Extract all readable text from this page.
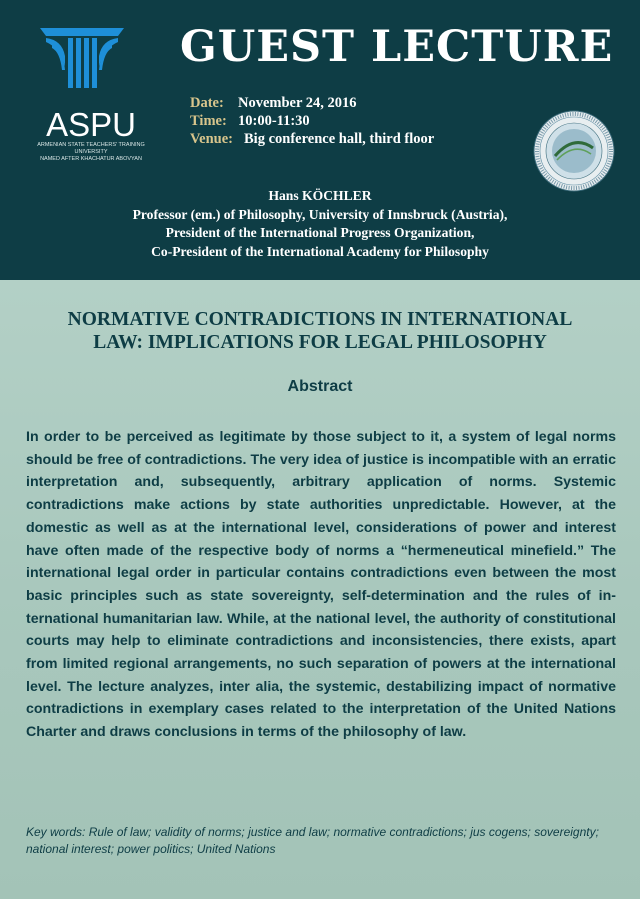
ASPU
ARMENIAN STATE TEACHERS' TRAINING UNIVERSITY
NAMED AFTER KHACHATUR ABOVYAN
GUEST LECTURE
Date: November 24, 2016
Time: 10:00-11:30
Venue: Big conference hall, third floor
Hans KÖCHLER
Professor (em.) of Philosophy, University of Innsbruck (Austria),
President of the International Progress Organization,
Co-President of the International Academy for Philosophy
NORMATIVE CONTRADICTIONS IN INTERNATIONAL
LAW: IMPLICATIONS FOR LEGAL PHILOSOPHY
Abstract
In order to be perceived as legitimate by those subject to it, a system of legal norms should be free of contradictions. The very idea of justice is incompatible with an erratic interpretation and, subsequently, arbitrary application of norms. Systemic contradictions make actions by state authorities unpredictable. However, at the domestic as well as at the international level, considerations of power and interest have often made of the respective body of norms a “hermeneutical minefield.” The international legal order in particular contains contradictions even between the most basic principles such as state sovereignty, self-determination and the rules of international humanitarian law. While, at the national level, the authority of constitutional courts may help to eliminate contradictions and inconsistencies, there exists, apart from limited regional arrangements, no such separation of powers at the international level. The lecture analyzes, inter alia, the systemic, destabilizing impact of normative contradictions in exemplary cases related to the interpretation of the United Nations Charter and draws conclusions in terms of the philosophy of law.
Key words: Rule of law; validity of norms; justice and law; normative contradictions; jus cogens; sovereignty; national interest; power politics; United Nations
